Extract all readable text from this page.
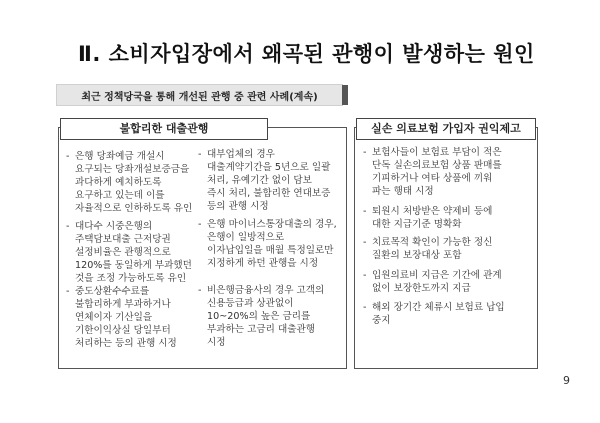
Ⅱ. 소비자입장에서 왜곡된 관행이 발생하는 원인
최근 정책당국을 통해 개선된 관행 중 관련 사례(계속)
불합리한 대출관행	실손 의료보험 가입자 권익제고
- 은행 당좌예금 개설시
요구되는 당좌개설보증금을
과다하게 예치하도록
요구하고 있는데 이를
자율적으로 인하하도록 유인
- 대다수 시중은행의
주택담보대출 근저당권
설정비율은 관행적으로
120%를 동일하게 부과했던
것을 조정 가능하도록 유인
- 중도상환수수료를
불합리하게 부과하거나
연체이자 기산일을
기한이익상실 당일부터
처리하는 등의 관행 시정
- 대부업체의 경우
대출계약기간을 5년으로 일괄
처리, 유예기간 없이 담보
즉시 처리, 불합리한 연대보증
등의 관행 시정
- 은행 마이너스통장대출의 경우,
은행이 일방적으로
이자납입일을 매월 특정일로만
지정하게 하던 관행을 시정
- 비은행금융사의 경우 고객의
신용등급과 상관없이
10~20%의 높은 금리를
부과하는 고금리 대출관행
시정
- 보험사들이 보험료 부담이 적은
단독 실손의료보험 상품 판매를
기피하거나 여타 상품에 끼워
파는 행태 시정
- 퇴원시 처방받은 약제비 등에
대한 지급기준 명확화
- 치료목적 확인이 가능한 정신
질환의 보장대상 포함
- 입원의료비 지급은 기간에 관계
없이 보장한도까지 지급
- 해외 장기간 체류시 보험료 납입
중지
9
